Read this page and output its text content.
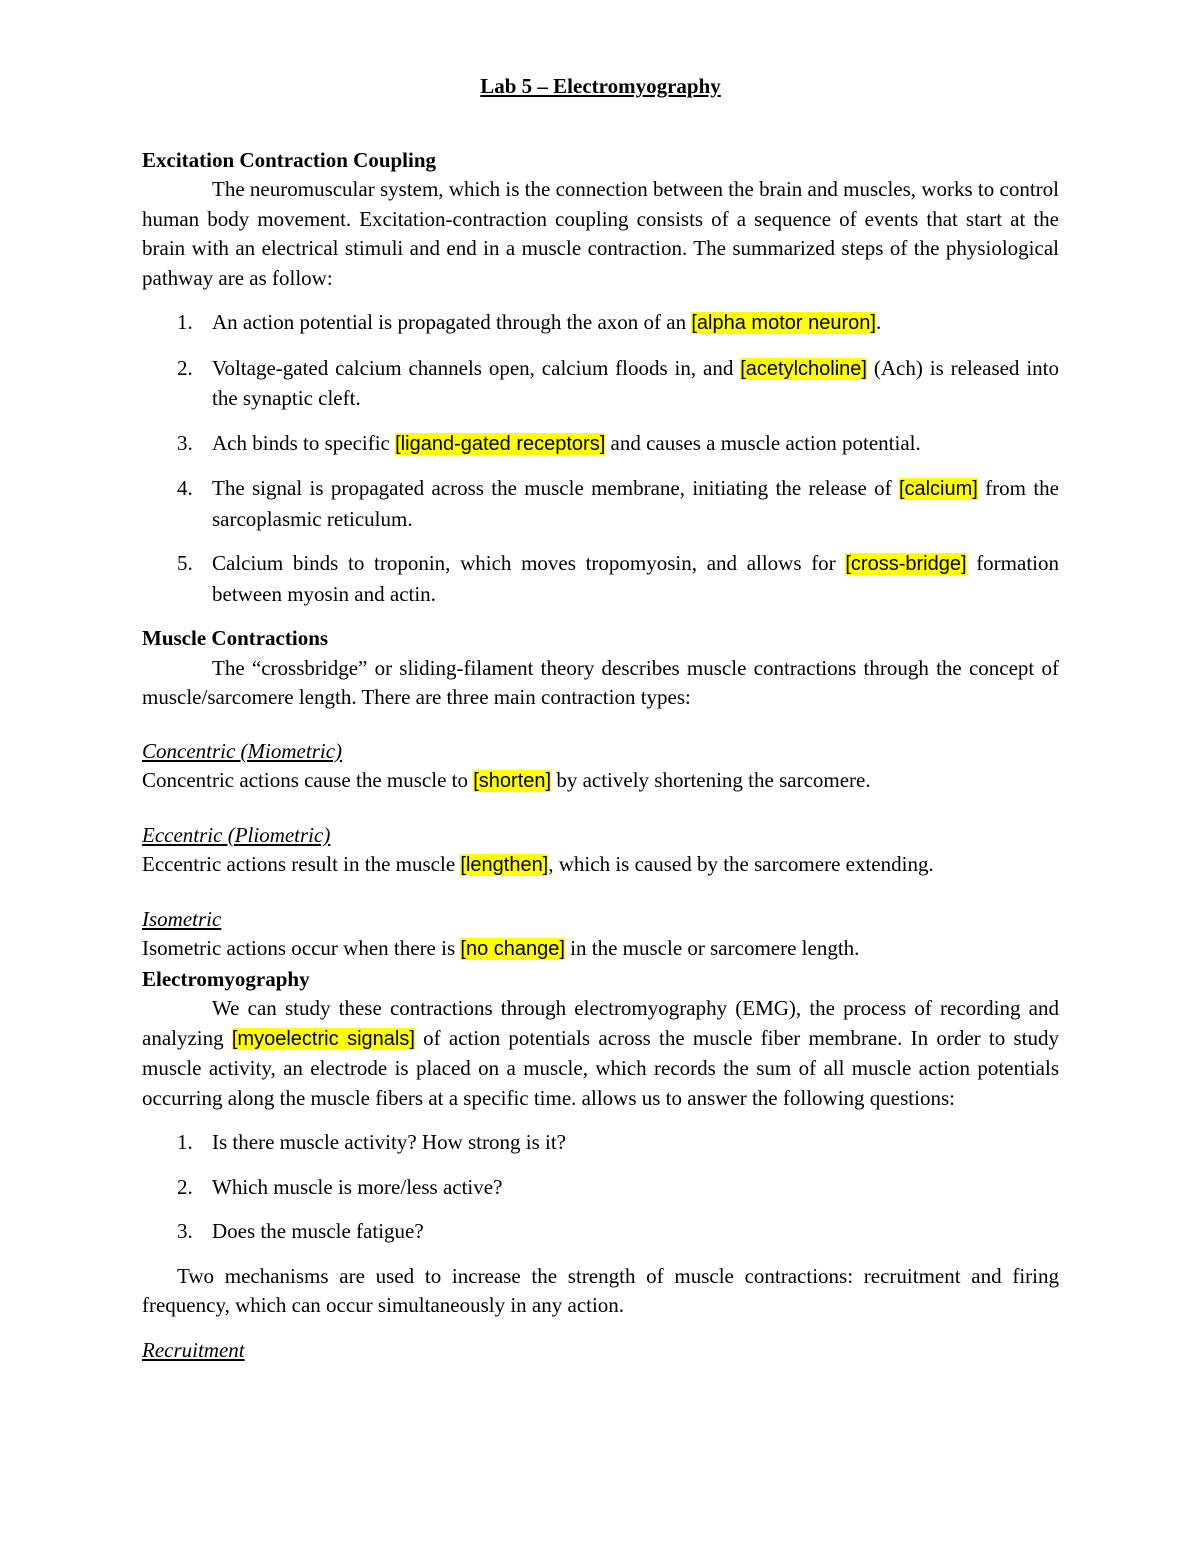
Lab 5 – Electromyography

Excitation Contraction Coupling

The neuromuscular system, which is the connection between the brain and muscles, works to control human body movement. Excitation-contraction coupling consists of a sequence of events that start at the brain with an electrical stimuli and end in a muscle contraction. The summarized steps of the physiological pathway are as follow:

1. An action potential is propagated through the axon of an [alpha motor neuron].
2. Voltage-gated calcium channels open, calcium floods in, and [acetylcholine] (Ach) is released into the synaptic cleft.
3. Ach binds to specific [ligand-gated receptors] and causes a muscle action potential.
4. The signal is propagated across the muscle membrane, initiating the release of [calcium] from the sarcoplasmic reticulum.
5. Calcium binds to troponin, which moves tropomyosin, and allows for [cross-bridge] formation between myosin and actin.
Muscle Contractions

The “crossbridge” or sliding-filament theory describes muscle contractions through the concept of muscle/sarcomere length. There are three main contraction types:

Concentric (Miometric)

Concentric actions cause the muscle to [shorten] by actively shortening the sarcomere.

Eccentric (Pliometric)

Eccentric actions result in the muscle [lengthen], which is caused by the sarcomere extending.

Isometric

Isometric actions occur when there is [no change] in the muscle or sarcomere length.

Electromyography

We can study these contractions through electromyography (EMG), the process of recording and analyzing [myoelectric signals] of action potentials across the muscle fiber membrane. In order to study muscle activity, an electrode is placed on a muscle, which records the sum of all muscle action potentials occurring along the muscle fibers at a specific time. allows us to answer the following questions:

1. Is there muscle activity? How strong is it?
2. Which muscle is more/less active?
3. Does the muscle fatigue?

Two mechanisms are used to increase the strength of muscle contractions: recruitment and firing frequency, which can occur simultaneously in any action.

Recruitment
